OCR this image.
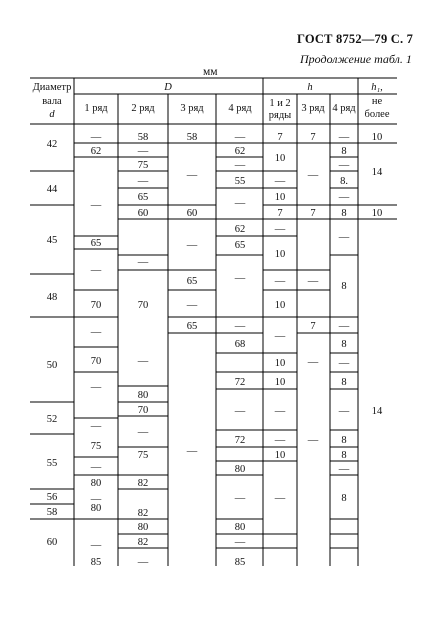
ГОСТ 8752—79 С. 7
Продолжение табл. 1
мм
Диаметр
вала
d
D	h	h₁,
не
более
1 ряд 2 ряд 3 ряд 4 ряд 1 и 2
ряды
3 ряд 4 ряд
42
44
45
48
50
52
55
56
58
60
—
62
—
65
—
70
—
70
—
—
75
—
80
—
80
—
85
58
—
75
—
65
60
—
70
—
80
70
—
75
82
82
80
82
—
58
—
60
—
65
—
65
—
—
62
—
55
—
62
65
—
—
68
72
—
72
80
—
80
—
85
7
10
—
10
7
—
10
—
10
—
10
10
—
—
10
—
7
—
7
—
7
—
—
—
8
—
8.
—
8
—
8
—
8
—
8
—
8
8
—
8
10
14
10
14
